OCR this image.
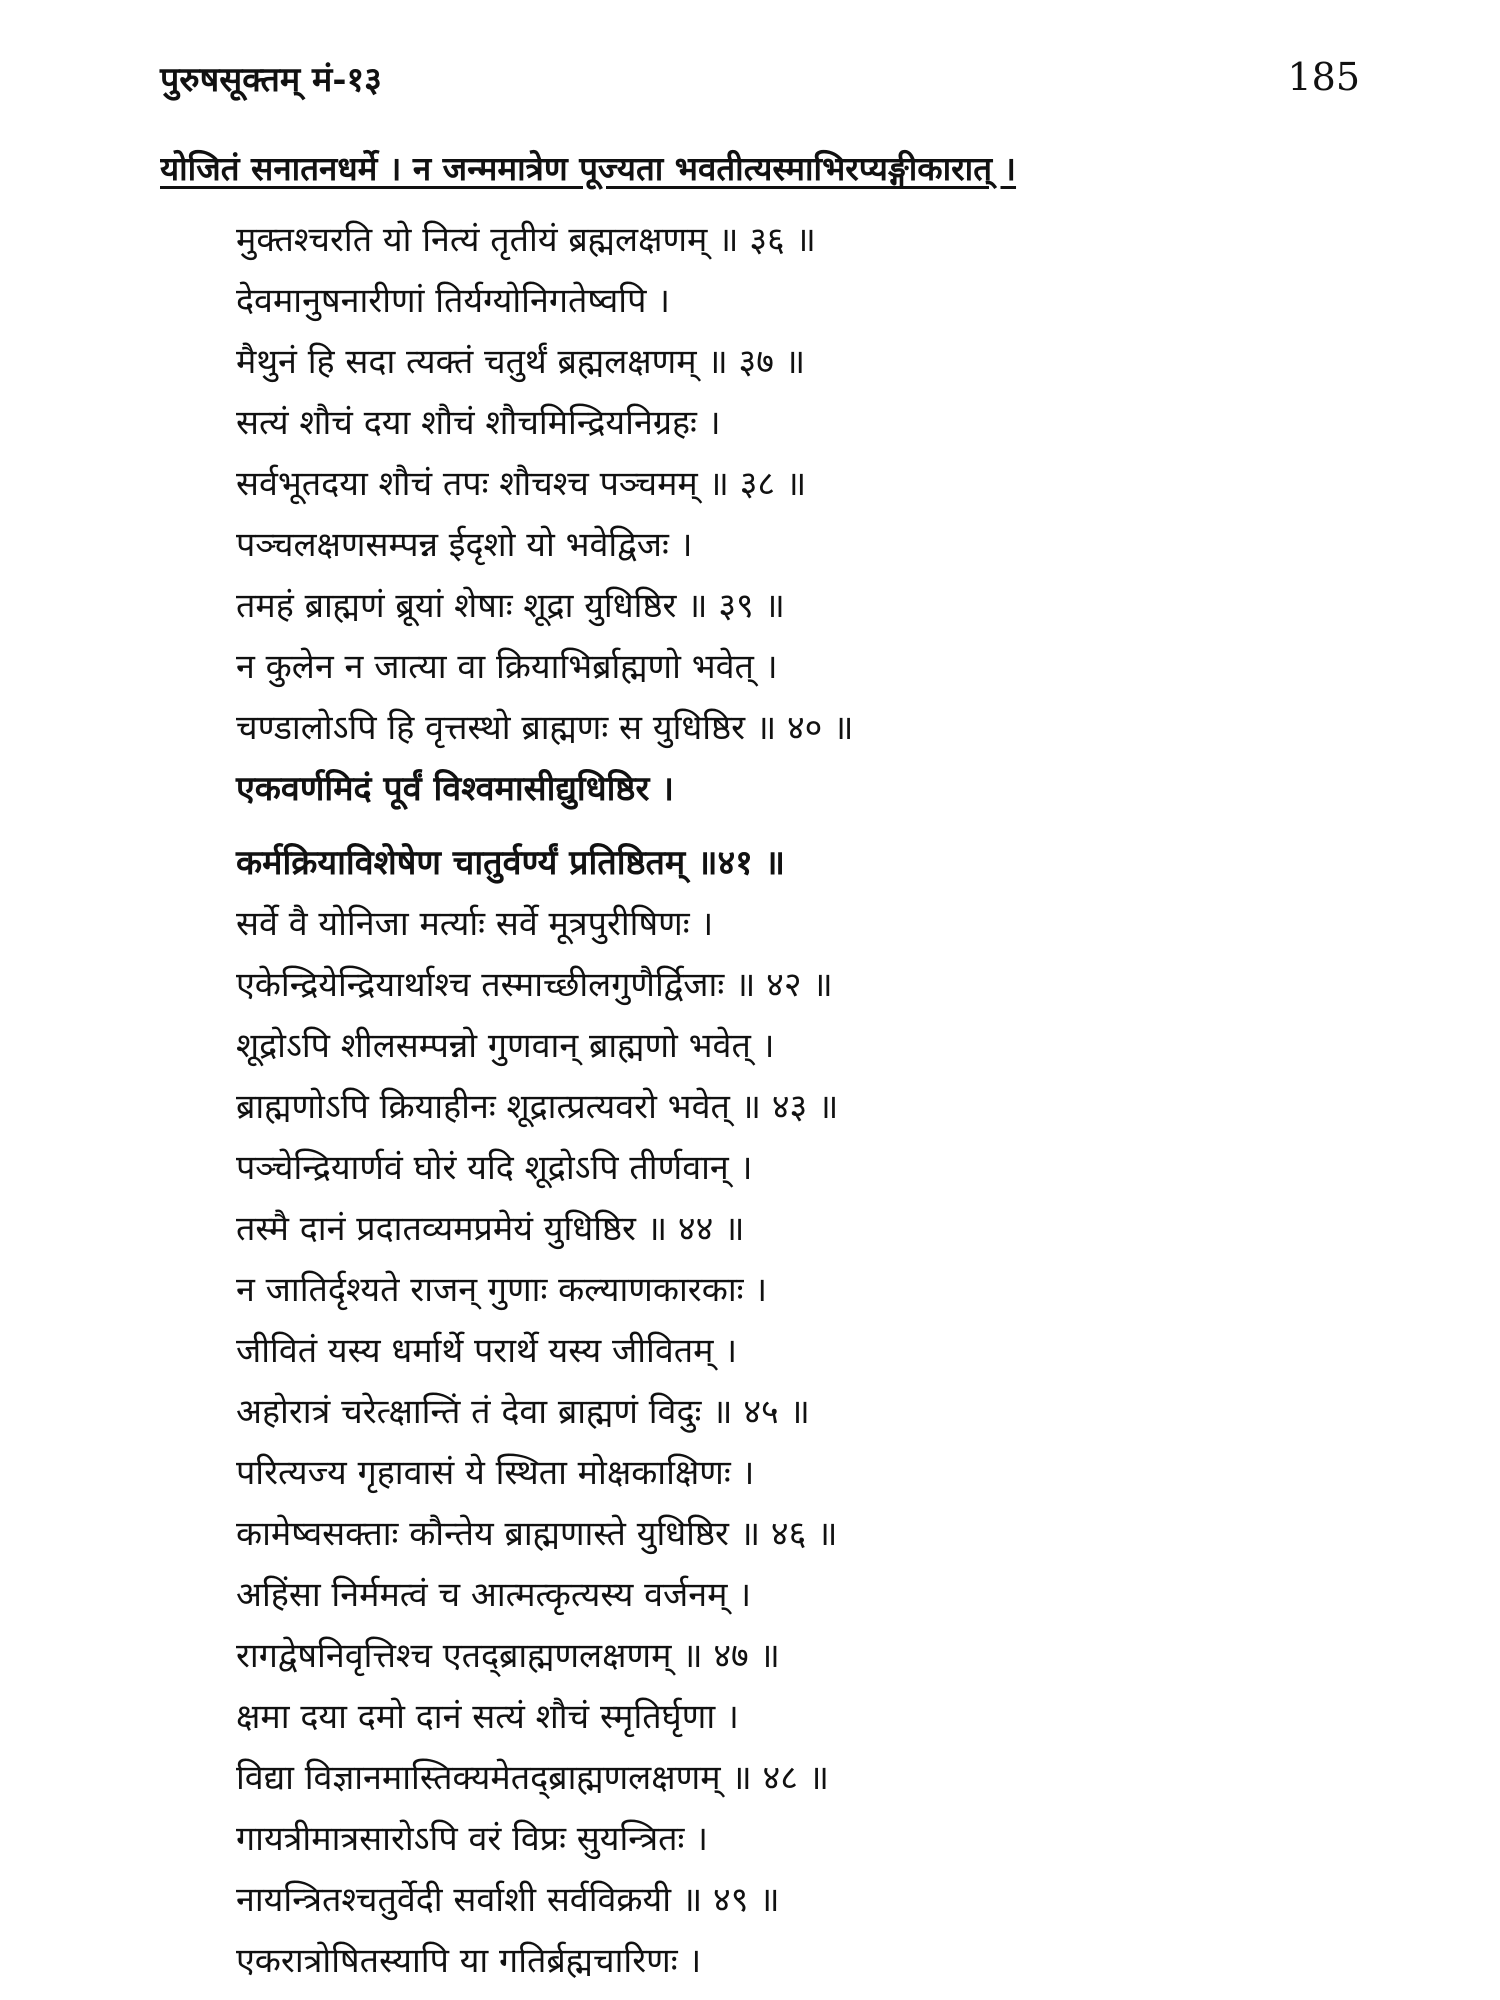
पुरुषसूक्तम् मं-१३	185
योजितं सनातनधर्मे । न जन्ममात्रेण पूज्यता भवतीत्यस्माभिरप्यङ्गीकारात् ।
मुक्तश्चरति यो नित्यं तृतीयं ब्रह्मलक्षणम् ॥ ३६ ॥
देवमानुषनारीणां तिर्यग्योनिगतेष्वपि ।
मैथुनं हि सदा त्यक्तं चतुर्थं ब्रह्मलक्षणम् ॥ ३७ ॥
सत्यं शौचं दया शौचं शौचमिन्द्रियनिग्रहः ।
सर्वभूतदया शौचं तपः शौचश्च पञ्चमम् ॥ ३८ ॥
पञ्चलक्षणसम्पन्न ईदृशो यो भवेद्विजः ।
तमहं ब्राह्मणं ब्रूयां शेषाः शूद्रा युधिष्ठिर ॥ ३९ ॥
न कुलेन न जात्या वा क्रियाभिर्ब्राह्मणो भवेत् ।
चण्डालोऽपि हि वृत्तस्थो ब्राह्मणः स युधिष्ठिर ॥ ४० ॥
एकवर्णमिदं पूर्वं विश्वमासीद्युधिष्ठिर ।
कर्मक्रियाविशेषेण चातुर्वर्ण्यं प्रतिष्ठितम् ॥४१ ॥
सर्वे वै योनिजा मर्त्याः सर्वे मूत्रपुरीषिणः ।
एकेन्द्रियेन्द्रियार्थाश्च तस्माच्छीलगुणैर्द्विजाः ॥ ४२ ॥
शूद्रोऽपि शीलसम्पन्नो गुणवान् ब्राह्मणो भवेत् ।
ब्राह्मणोऽपि क्रियाहीनः शूद्रात्प्रत्यवरो भवेत् ॥ ४३ ॥
पञ्चेन्द्रियार्णवं घोरं यदि शूद्रोऽपि तीर्णवान् ।
तस्मै दानं प्रदातव्यमप्रमेयं युधिष्ठिर ॥ ४४ ॥
न जातिर्दृश्यते राजन् गुणाः कल्याणकारकाः ।
जीवितं यस्य धर्मार्थे परार्थे यस्य जीवितम् ।
अहोरात्रं चरेत्क्षान्तिं तं देवा ब्राह्मणं विदुः ॥ ४५ ॥
परित्यज्य गृहावासं ये स्थिता मोक्षकाक्षिणः ।
कामेष्वसक्ताः कौन्तेय ब्राह्मणास्ते युधिष्ठिर ॥ ४६ ॥
अहिंसा निर्ममत्वं च आत्मत्कृत्यस्य वर्जनम् ।
रागद्वेषनिवृत्तिश्च एतद्ब्राह्मणलक्षणम् ॥ ४७ ॥
क्षमा दया दमो दानं सत्यं शौचं स्मृतिर्घृणा ।
विद्या विज्ञानमास्तिक्यमेतद्ब्राह्मणलक्षणम् ॥ ४८ ॥
गायत्रीमात्रसारोऽपि वरं विप्रः सुयन्त्रितः ।
नायन्त्रितश्चतुर्वेदी सर्वाशी सर्वविक्रयी ॥ ४९ ॥
एकरात्रोषितस्यापि या गतिर्ब्रह्मचारिणः ।
